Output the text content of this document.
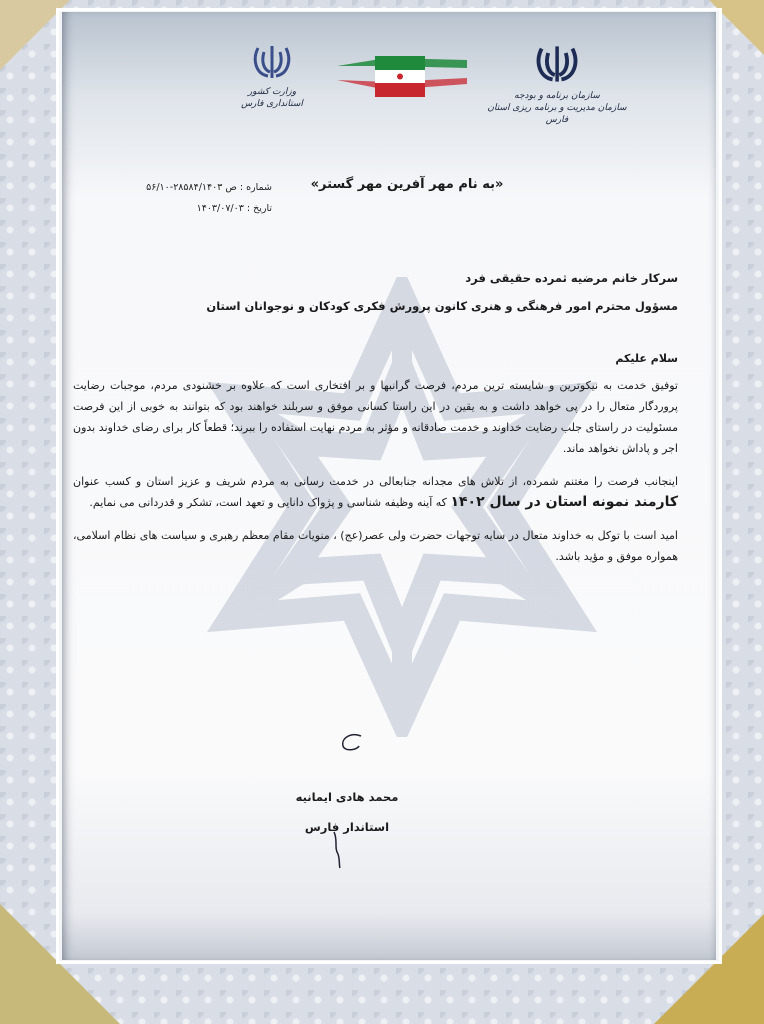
وزارت کشور
استانداری فارس
سازمان برنامه و بودجه
سازمان مدیریت و برنامه ریزی استان فارس
«به نام مهر آفرین مهر گستر»
شماره : ص ۲۸۵۸۴/۱۴۰۳-۵۶/۱۰
تاریخ : ۱۴۰۳/۰۷/۰۳
سرکار خانم مرضیه ثمرده حقیقی فرد
مسؤول محترم امور فرهنگی و هنری کانون پرورش فکری کودکان و نوجوانان استان

سلام علیکم

توفیق خدمت به نیکوترین و شایسته ترین مردم، فرصت گرانبها و بر افتخاری است که علاوه بر خشنودی مردم، موجبات رضایت پروردگار متعال را در پی خواهد داشت و به یقین در این راستا کسانی موفق و سربلند خواهند بود که بتوانند به خوبی از این فرصت مسئولیت در راستای جلب رضایت خداوند و خدمت صادقانه و مؤثر به مردم نهایت استفاده را ببرند؛ قطعاً کار برای رضای خداوند بدون اجر و پاداش نخواهد ماند.

اینجانب فرصت را مغتنم شمرده، از تلاش های مجدانه جنابعالی در خدمت رسانی به مردم شریف و عزیز استان و کسب عنوان کارمند نمونه استان در سال ۱۴۰۲ که آینه وظیفه شناسی و پژواک دانایی و تعهد است، تشکر و قدردانی می نمایم.

امید است با توکل به خداوند متعال در سایه توجهات حضرت ولی عصر(عج) ، منویات مقام معظم رهبری و سیاست های نظام اسلامی، همواره موفق و مؤید باشد.

محمد هادی ایمانیه
استاندار فارس
